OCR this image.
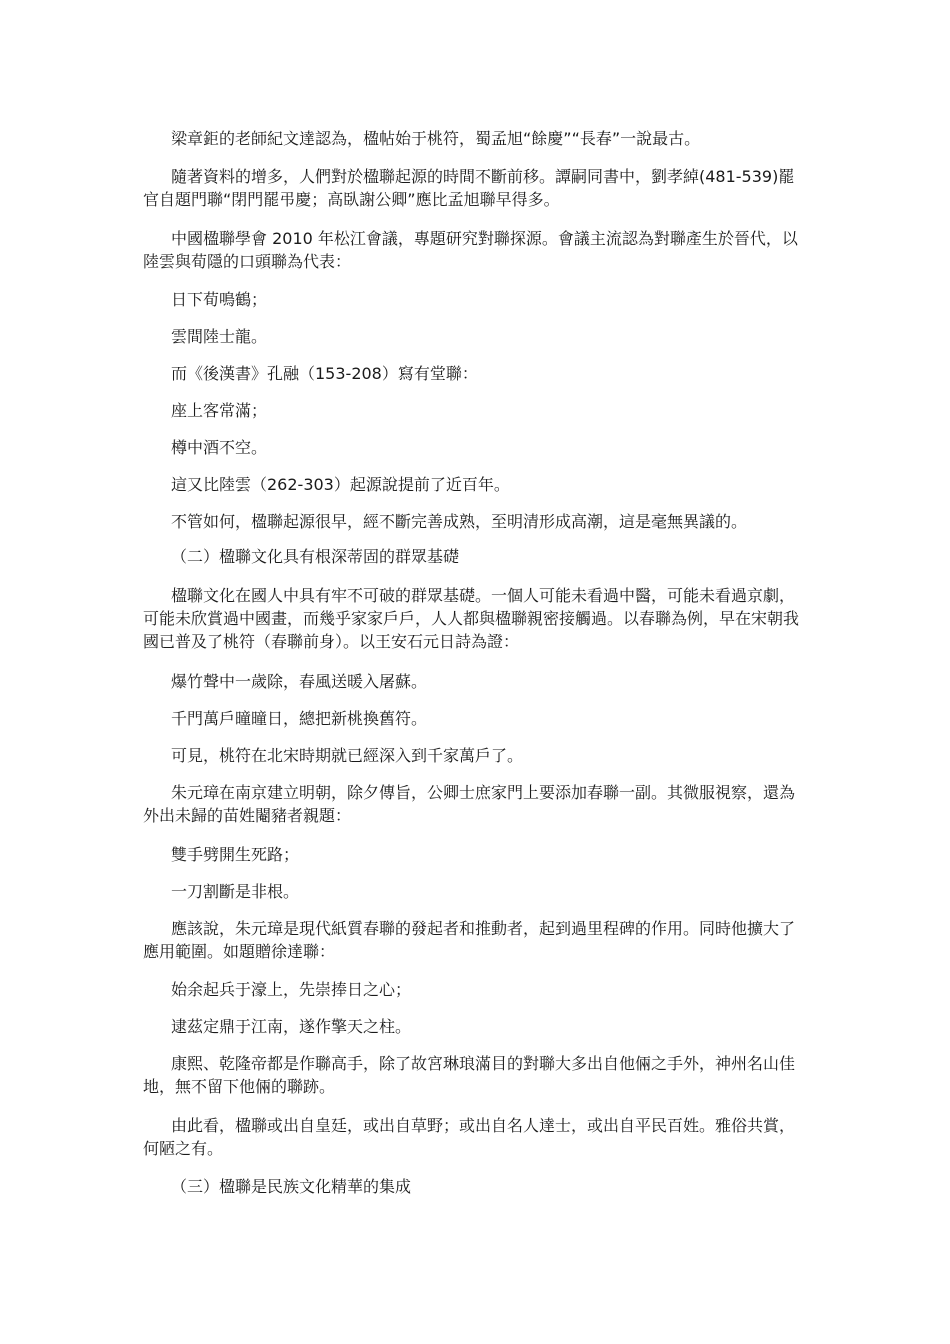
梁章鉅的老師紀文達認為，楹帖始于桃符，蜀孟旭“餘慶”“長春”一說最古。

隨著資料的增多，人們對於楹聯起源的時間不斷前移。譚嗣同書中，劉孝綽(481-539)罷官自題門聯“閉門罷弔慶；高臥謝公卿”應比孟旭聯早得多。

中國楹聯學會 2010 年松江會議，專題研究對聯探源。會議主流認為對聯產生於晉代，以陸雲與荀隱的口頭聯為代表：

日下荀鳴鶴；

雲間陸士龍。

而《後漢書》孔融（153-208）寫有堂聯：

座上客常滿；

樽中酒不空。

這又比陸雲（262-303）起源說提前了近百年。

不管如何，楹聯起源很早，經不斷完善成熟，至明清形成高潮，這是毫無異議的。

（二）楹聯文化具有根深蒂固的群眾基礎

楹聯文化在國人中具有牢不可破的群眾基礎。一個人可能未看過中醫，可能未看過京劇，可能未欣賞過中國畫，而幾乎家家戶戶，人人都與楹聯親密接觸過。以春聯為例，早在宋朝我國已普及了桃符（春聯前身）。以王安石元日詩為證：

爆竹聲中一歲除，春風送暖入屠蘇。

千門萬戶曈曈日，總把新桃換舊符。

可見，桃符在北宋時期就已經深入到千家萬戶了。

朱元璋在南京建立明朝，除夕傳旨，公卿士庶家門上要添加春聯一副。其微服視察，還為外出未歸的苗姓閹豬者親題：

雙手劈開生死路；

一刀割斷是非根。

應該說，朱元璋是現代紙質春聯的發起者和推動者，起到過里程碑的作用。同時他擴大了應用範圍。如題贈徐達聯：

始余起兵于濠上，先崇捧日之心；

逮茲定鼎于江南，遂作擎天之柱。

康熙、乾隆帝都是作聯高手，除了故宮琳琅滿目的對聯大多出自他倆之手外，神州名山佳地，無不留下他倆的聯跡。

由此看，楹聯或出自皇廷，或出自草野；或出自名人達士，或出自平民百姓。雅俗共賞，何陋之有。

（三）楹聯是民族文化精華的集成
